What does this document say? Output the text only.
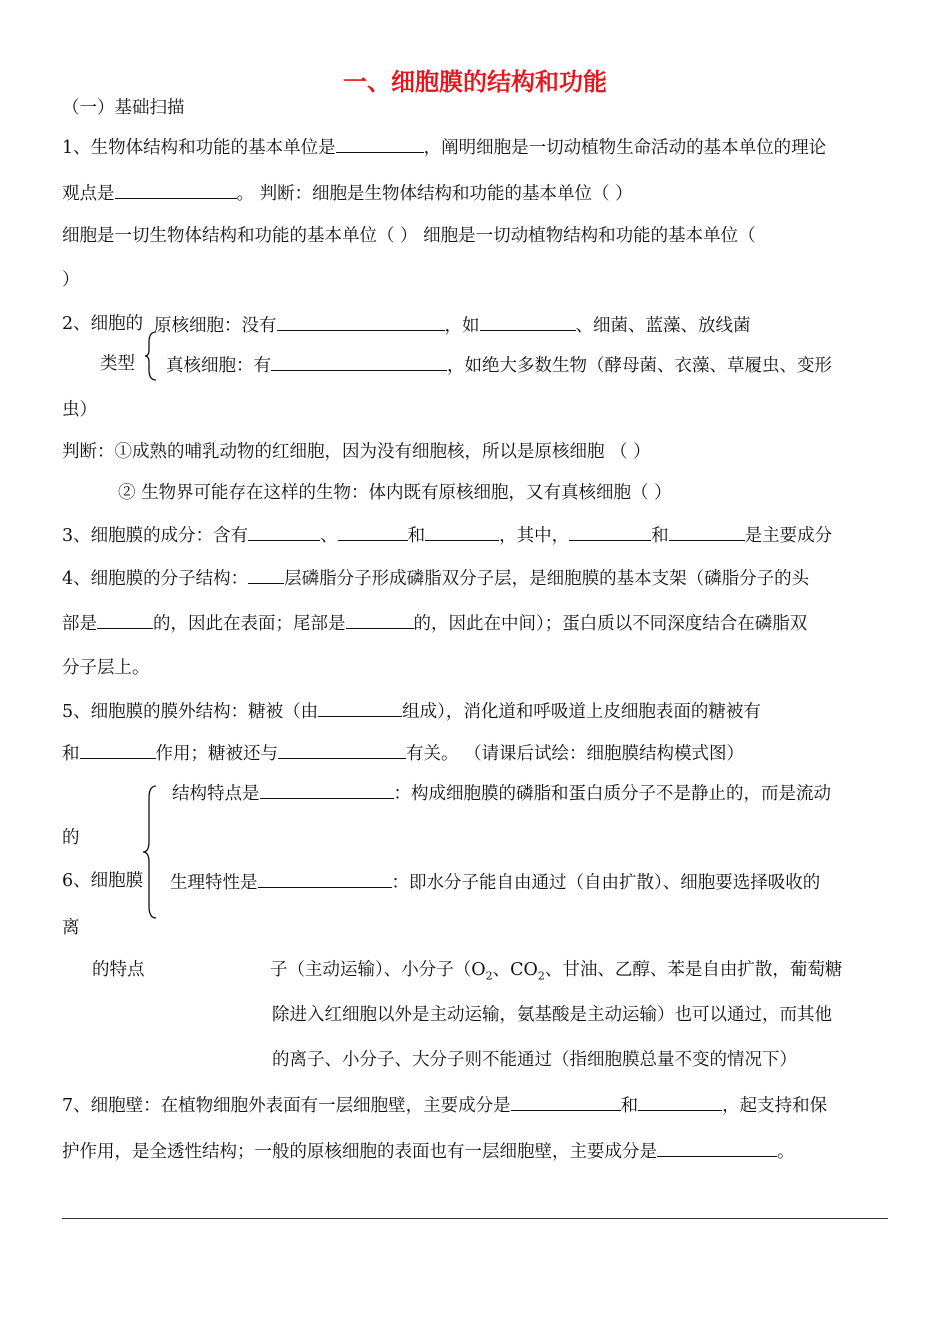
一、细胞膜的结构和功能
（一）基础扫描
1、生物体结构和功能的基本单位是	，阐明细胞是一切动植物生命活动的基本单位的理论
观点是	。 判断：细胞是生物体结构和功能的基本单位（ ）
细胞是一切生物体结构和功能的基本单位（ ） 细胞是一切动植物结构和功能的基本单位（
）
2、细胞的 原核细胞：没有	，如	、细菌、蓝藻、放线菌
类型 真核细胞：有	，如绝大多数生物（酵母菌、衣藻、草履虫、变形
虫）
判断：①成熟的哺乳动物的红细胞，因为没有细胞核，所以是原核细胞 （ ）
② 生物界可能存在这样的生物：体内既有原核细胞，又有真核细胞（ ）
3、细胞膜的成分：含有	、	和	，其中，	和	是主要成分
4、细胞膜的分子结构： 层磷脂分子形成磷脂双分子层，是细胞膜的基本支架（磷脂分子的头
部是	的，因此在表面；尾部是	的，因此在中间）；蛋白质以不同深度结合在磷脂双
分子层上。
5、细胞膜的膜外结构：糖被（由	组成），消化道和呼吸道上皮细胞表面的糖被有
和	作用；糖被还与	有关。 （请课后试绘：细胞膜结构模式图）
结构特点是	：构成细胞膜的磷脂和蛋白质分子不是静止的，而是流动
的
6、细胞膜 生理特性是	：即水分子能自由通过（自由扩散）、细胞要选择吸收的
离
的特点	子（主动运输）、小分子（$O_2$、$CO_2$、甘油、乙醇、苯是自由扩散，葡萄糖
除进入红细胞以外是主动运输，氨基酸是主动运输）也可以通过，而其他
的离子、小分子、大分子则不能通过（指细胞膜总量不变的情况下）
7、细胞壁：在植物细胞外表面有一层细胞壁，主要成分是	和	，起支持和保
护作用，是全透性结构；一般的原核细胞的表面也有一层细胞壁，主要成分是	。
